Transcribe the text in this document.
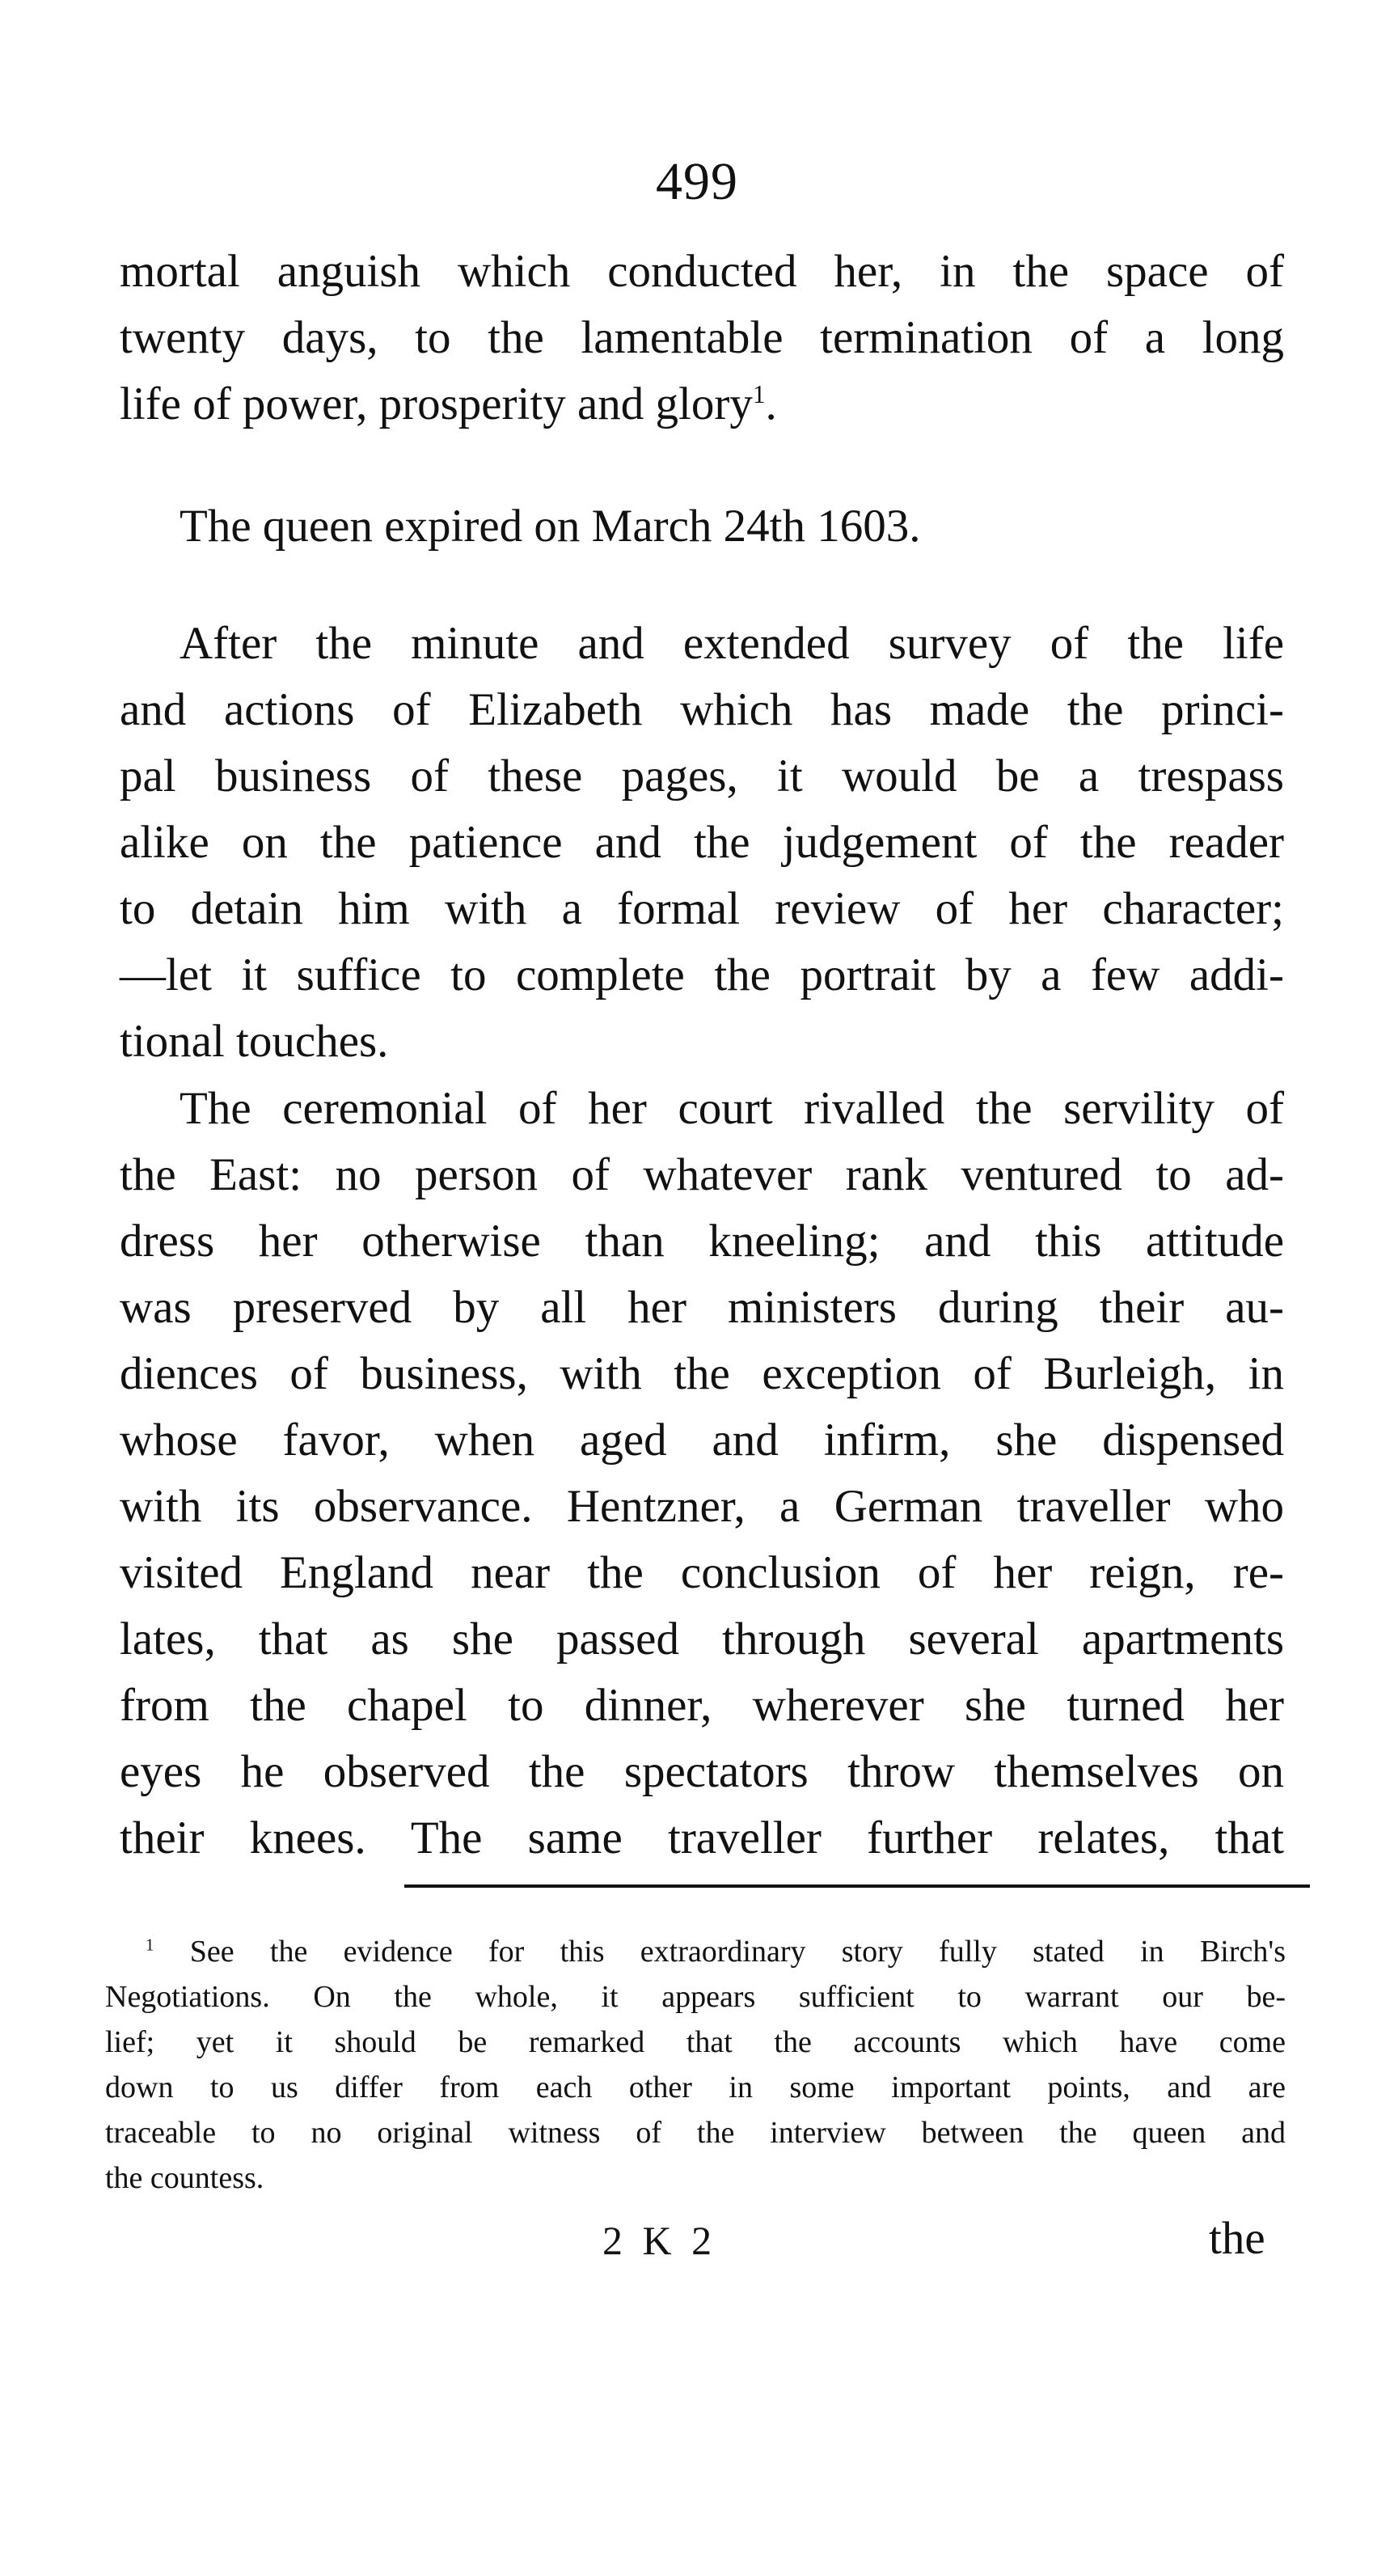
499
mortal anguish which conducted her, in the space of
twenty days, to the lamentable termination of a long
life of power, prosperity and glory$^1$.
The queen expired on March 24th 1603.
After the minute and extended survey of the life
and actions of Elizabeth which has made the princi-
pal business of these pages, it would be a trespass
alike on the patience and the judgement of the reader
to detain him with a formal review of her character;
—let it suffice to complete the portrait by a few addi-
tional touches.
The ceremonial of her court rivalled the servility of
the East: no person of whatever rank ventured to ad-
dress her otherwise than kneeling; and this attitude
was preserved by all her ministers during their au-
diences of business, with the exception of Burleigh, in
whose favor, when aged and infirm, she dispensed
with its observance. Hentzner, a German traveller who
visited England near the conclusion of her reign, re-
lates, that as she passed through several apartments
from the chapel to dinner, wherever she turned her
eyes he observed the spectators throw themselves on
their knees. The same traveller further relates, that
$^1$ See the evidence for this extraordinary story fully stated in Birch's
Negotiations. On the whole, it appears sufficient to warrant our be-
lief; yet it should be remarked that the accounts which have come
down to us differ from each other in some important points, and are
traceable to no original witness of the interview between the queen and
the countess.
2 K 2	the
